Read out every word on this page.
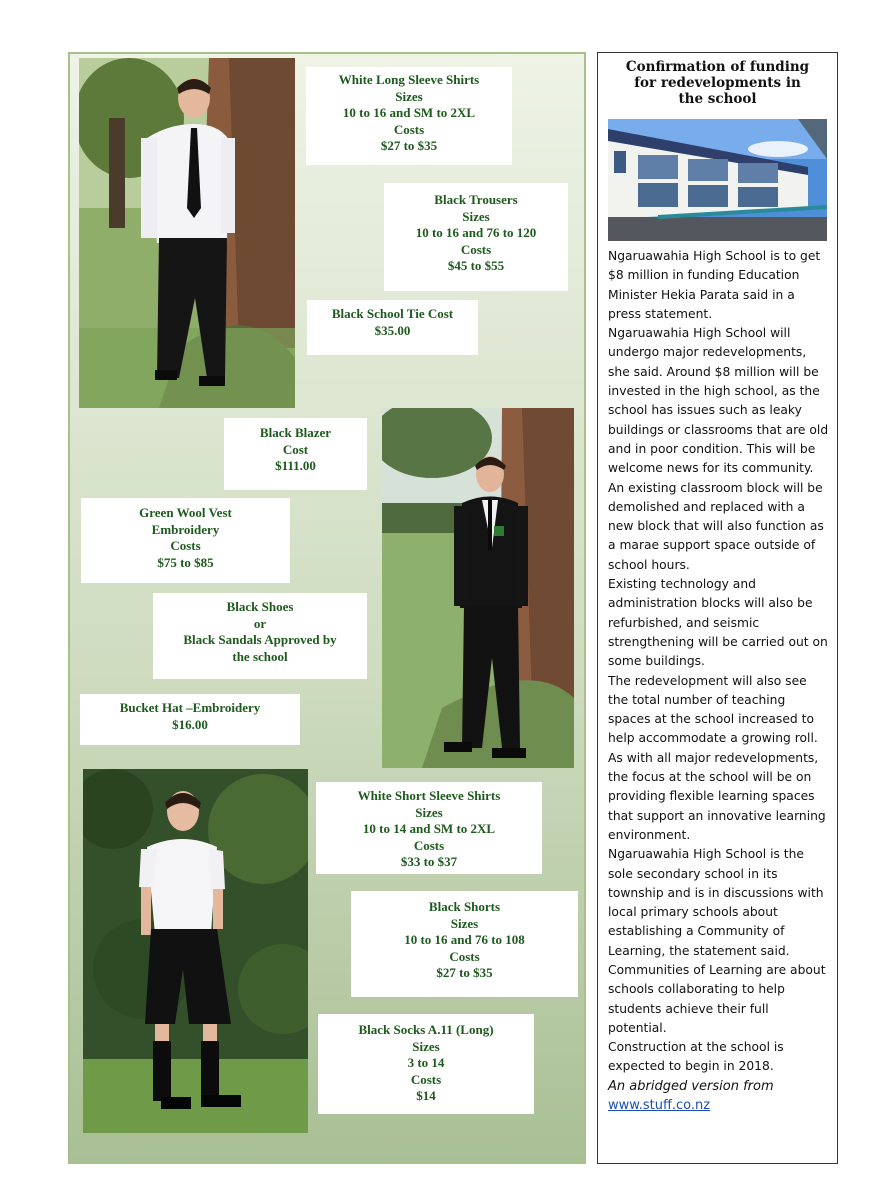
White Long Sleeve Shirts
Sizes
10 to 16 and SM to 2XL
Costs
$27 to $35
Black Trousers
Sizes
10 to 16 and 76 to 120
Costs
$45 to $55
Black School Tie Cost
$35.00
Black Blazer
Cost
$111.00
Green Wool Vest
Embroidery
Costs
$75 to $85
Black Shoes
or
Black Sandals Approved by
the school
Bucket Hat –Embroidery
$16.00
White Short Sleeve Shirts
Sizes
10 to 14 and SM to 2XL
Costs
$33 to $37
Black Shorts
Sizes
10 to 16 and 76 to 108
Costs
$27 to $35
Black Socks A.11 (Long)
Sizes
3 to 14
Costs
$14
Confirmation of funding
for redevelopments in
the school

Ngaruawahia High School is to get $8 million in funding Education Minister Hekia Parata said in a press statement.

Ngaruawahia High School will undergo major redevelopments, she said. Around $8 million will be invested in the high school, as the school has issues such as leaky buildings or classrooms that are old and in poor condition. This will be welcome news for its community. An existing classroom block will be demolished and replaced with a new block that will also function as a marae support space outside of school hours.

Existing technology and administration blocks will also be refurbished, and seismic strengthening will be carried out on some buildings.

The redevelopment will also see the total number of teaching spaces at the school increased to help accommodate a growing roll.

As with all major redevelopments, the focus at the school will be on providing flexible learning spaces that support an innovative learning environment.

Ngaruawahia High School is the sole secondary school in its township and is in discussions with local primary schools about establishing a Community of Learning, the statement said. Communities of Learning are about schools collaborating to help students achieve their full potential.

Construction at the school is expected to begin in 2018.

An abridged version from

www.stuff.co.nz
